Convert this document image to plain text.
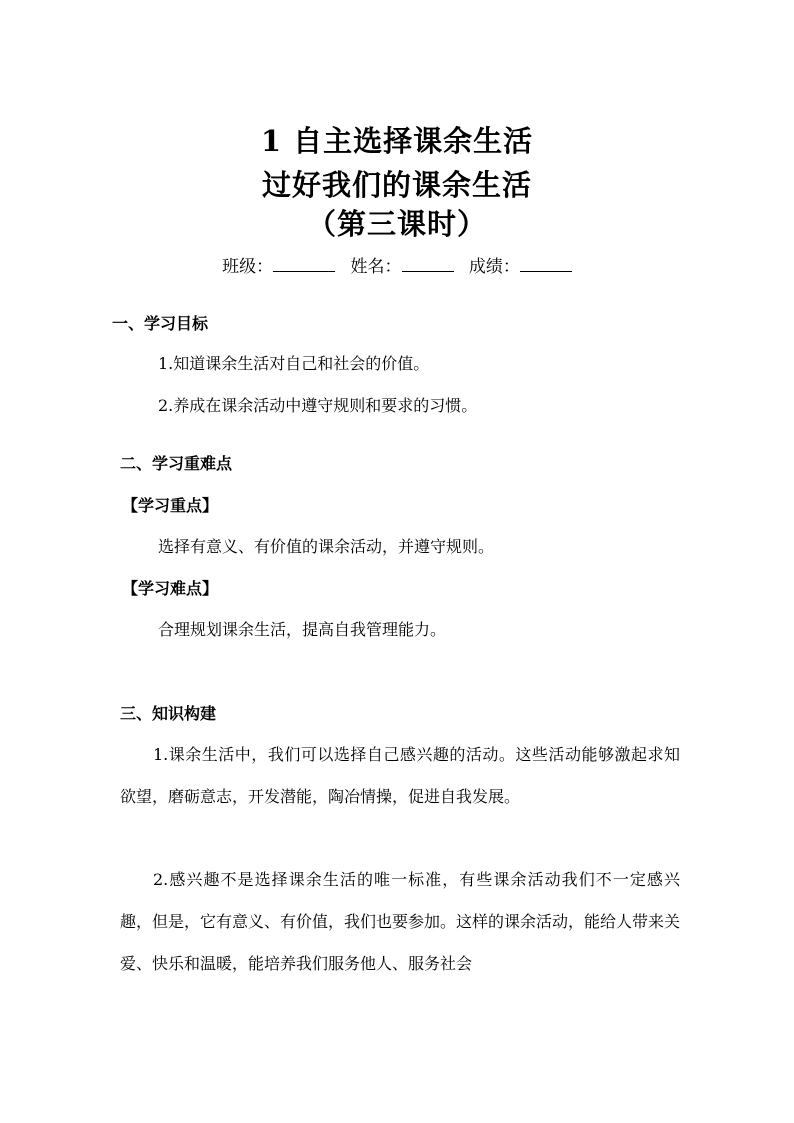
1 自主选择课余生活
过好我们的课余生活
（第三课时）
班级：	姓名：	成绩：
一、学习目标
1.知道课余生活对自己和社会的价值。
2.养成在课余活动中遵守规则和要求的习惯。
二、学习重难点
【学习重点】
选择有意义、有价值的课余活动，并遵守规则。
【学习难点】
合理规划课余生活，提高自我管理能力。
三、知识构建
1.课余生活中，我们可以选择自己感兴趣的活动。这些活动能够激起求知欲望，磨砺意志，开发潜能，陶冶情操，促进自我发展。
2.感兴趣不是选择课余生活的唯一标准，有些课余活动我们不一定感兴趣，但是，它有意义、有价值，我们也要参加。这样的课余活动，能给人带来关爱、快乐和温暖，能培养我们服务他人、服务社会
